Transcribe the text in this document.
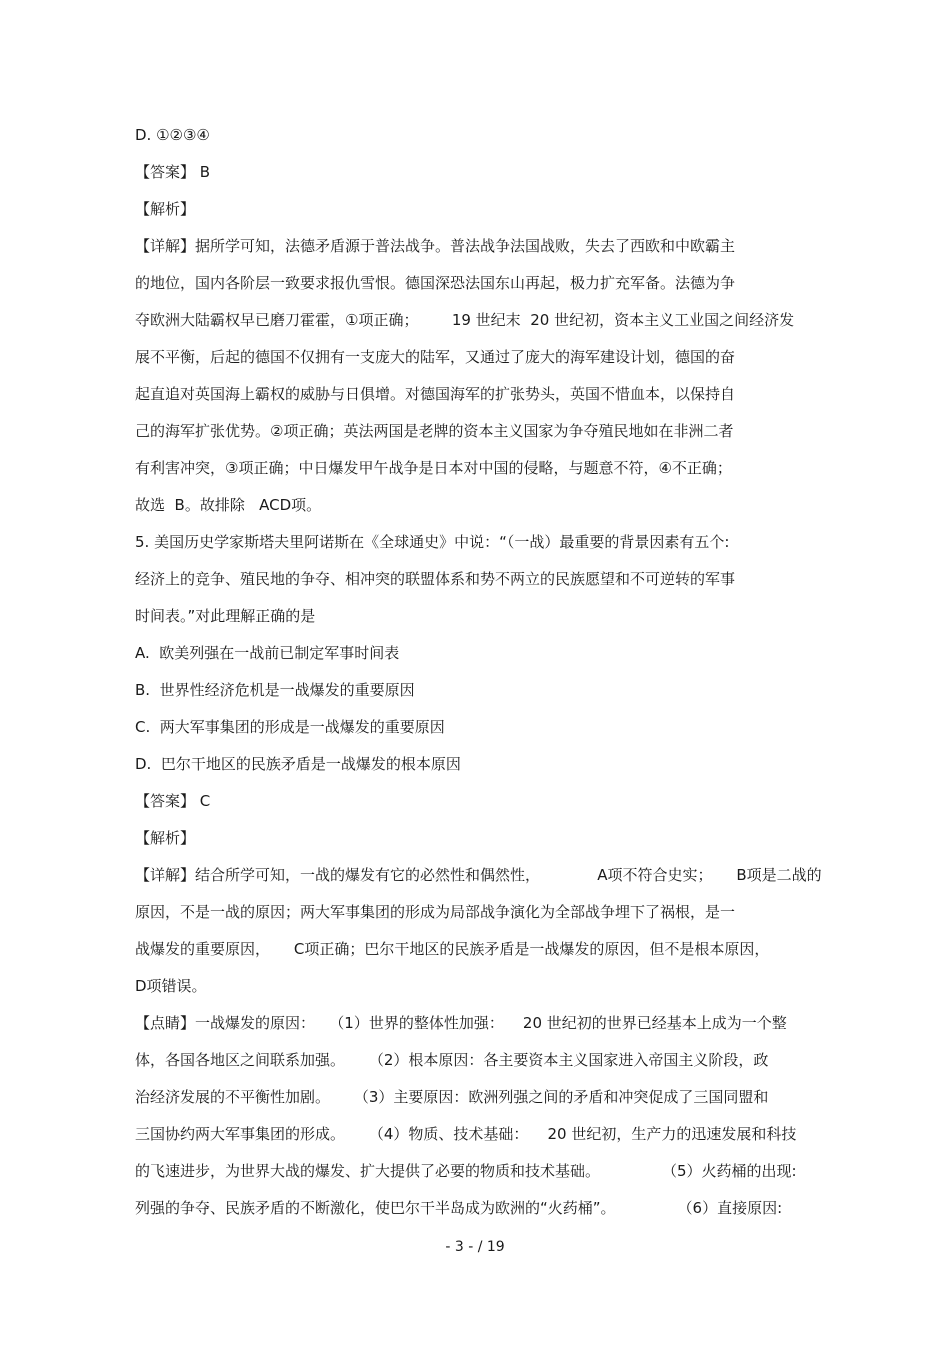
D. ①②③④
【答案】 B
【解析】
【详解】据所学可知，法德矛盾源于普法战争。普法战争法国战败，失去了西欧和中欧霸主
的地位，国内各阶层一致要求报仇雪恨。德国深恐法国东山再起，极力扩充军备。法德为争
夺欧洲大陆霸权早已磨刀霍霍，①项正确；       19 世纪末  20 世纪初，资本主义工业国之间经济发
展不平衡，后起的德国不仅拥有一支庞大的陆军，又通过了庞大的海军建设计划，德国的奋
起直追对英国海上霸权的威胁与日俱增。对德国海军的扩张势头，英国不惜血本，以保持自
己的海军扩张优势。②项正确；英法两国是老牌的资本主义国家为争夺殖民地如在非洲二者
有利害冲突，③项正确；中日爆发甲午战争是日本对中国的侵略，与题意不符，④不正确；
故选  B。故排除   ACD项。
5. 美国历史学家斯塔夫里阿诺斯在《全球通史》中说：“（一战）最重要的背景因素有五个:
经济上的竞争、殖民地的争夺、相冲突的联盟体系和势不两立的民族愿望和不可逆转的军事
时间表。”对此理解正确的是
A.  欧美列强在一战前已制定军事时间表
B.  世界性经济危机是一战爆发的重要原因
C.  两大军事集团的形成是一战爆发的重要原因
D.  巴尔干地区的民族矛盾是一战爆发的根本原因
【答案】 C
【解析】
【详解】结合所学可知，一战的爆发有它的必然性和偶然性，            A项不符合史实；     B项是二战的
原因，不是一战的原因；两大军事集团的形成为局部战争演化为全部战争埋下了祸根，是一
战爆发的重要原因，     C项正确；巴尔干地区的民族矛盾是一战爆发的原因，但不是根本原因，
D项错误。
【点睛】一战爆发的原因：   （1）世界的整体性加强：    20 世纪初的世界已经基本上成为一个整
体，各国各地区之间联系加强。     （2）根本原因：各主要资本主义国家进入帝国主义阶段，政
治经济发展的不平衡性加剧。     （3）主要原因：欧洲列强之间的矛盾和冲突促成了三国同盟和
三国协约两大军事集团的形成。     （4）物质、技术基础：    20 世纪初，生产力的迅速发展和科技
的飞速进步，为世界大战的爆发、扩大提供了必要的物质和技术基础。             （5）火药桶的出现:
列强的争夺、民族矛盾的不断激化，使巴尔干半岛成为欧洲的“火药桶”。             （6）直接原因:
- 3 - / 19
